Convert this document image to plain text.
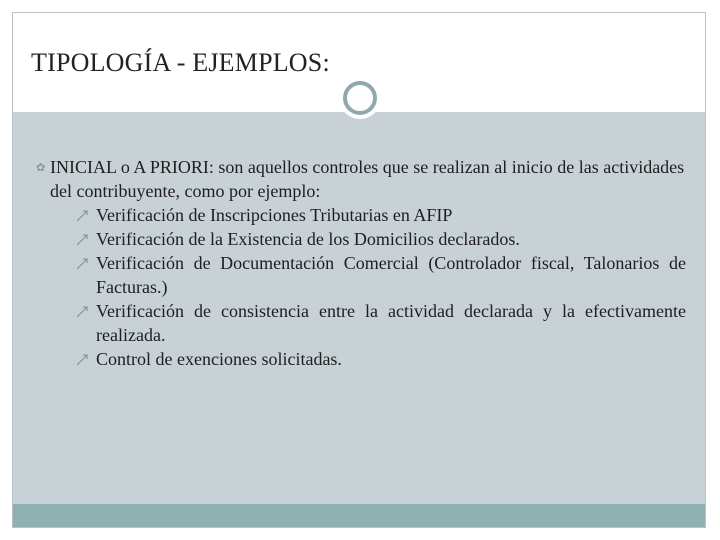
TIPOLOGÍA - EJEMPLOS:
✿ INICIAL o A PRIORI: son aquellos controles que se realizan al inicio de las actividades del contribuyente, como por ejemplo:
Verificación de Inscripciones Tributarias en AFIP
Verificación de la Existencia de los Domicilios declarados.
Verificación de Documentación Comercial (Controlador fiscal, Talonarios de Facturas.)
Verificación de consistencia entre la actividad declarada y la efectivamente realizada.
Control de exenciones solicitadas.
